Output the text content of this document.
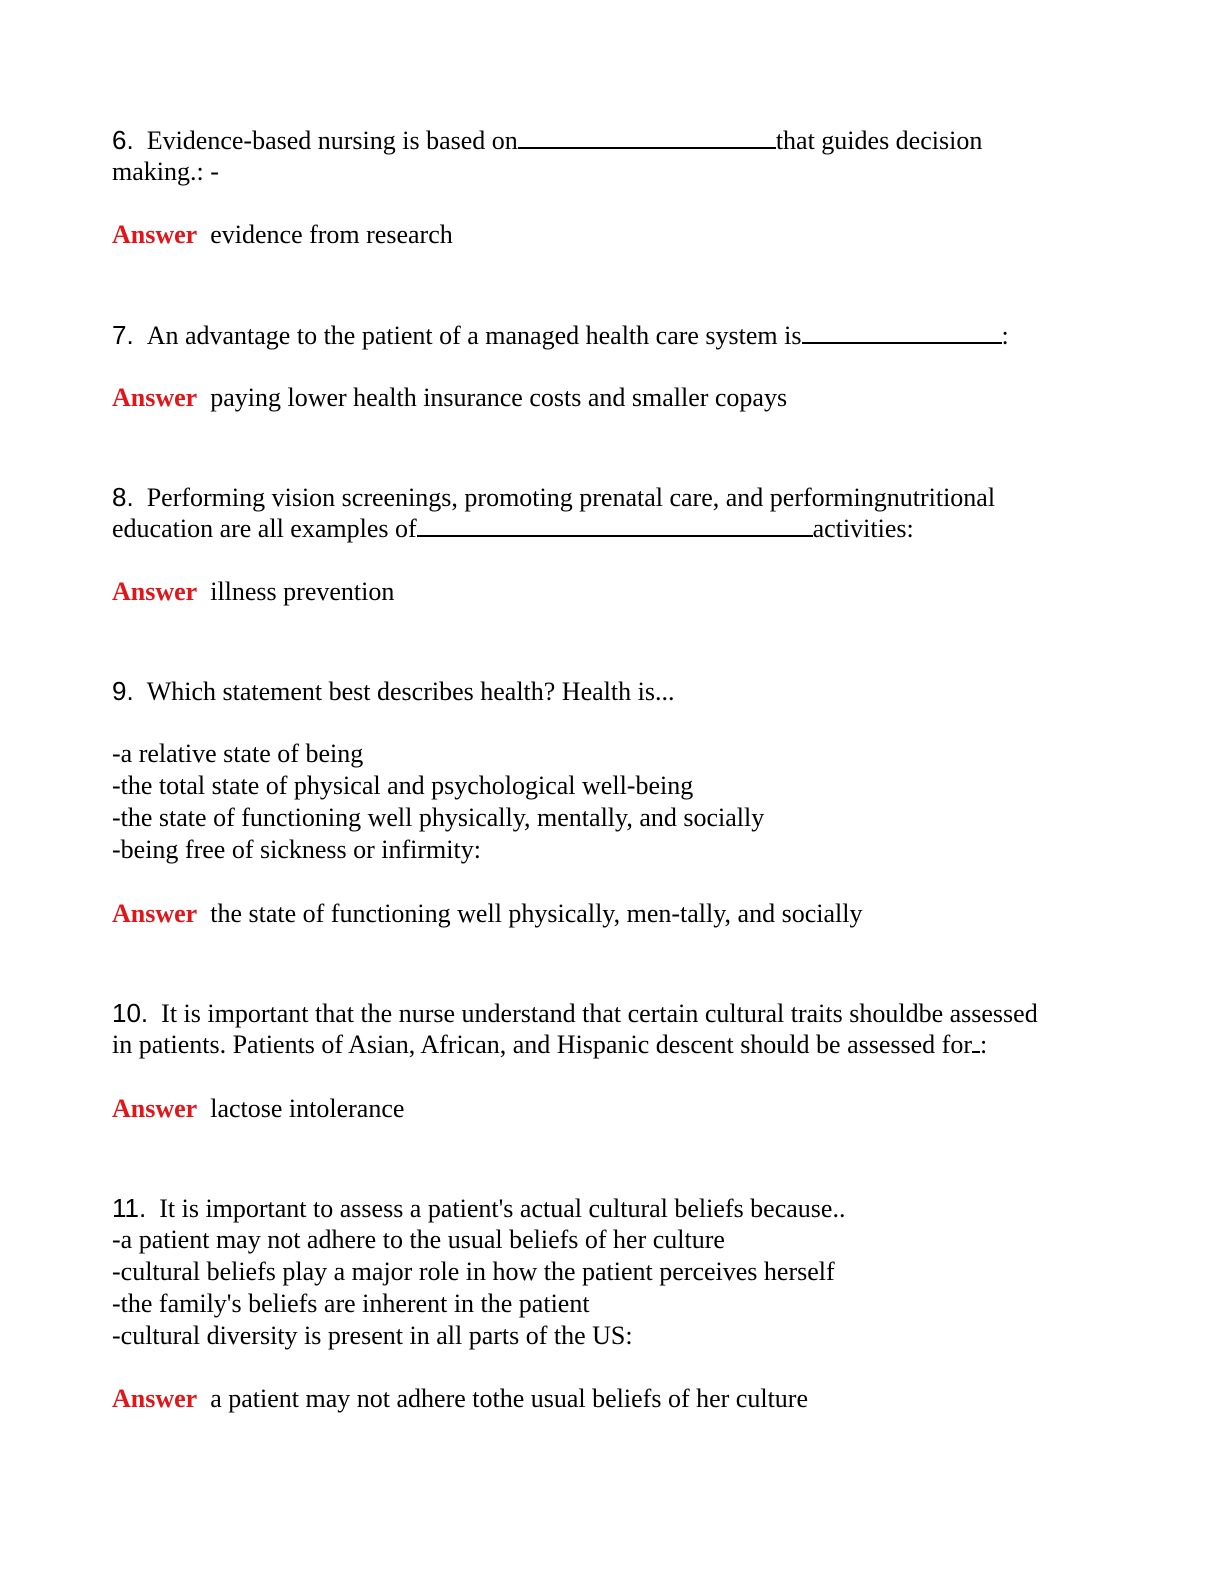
6. Evidence-based nursing is based on	that guides decision
making.: -
Answer evidence from research
7. An advantage to the patient of a managed health care system is	:
Answer paying lower health insurance costs and smaller copays
8. Performing vision screenings, promoting prenatal care, and performingnutritional
education are all examples of	activities:
Answer illness prevention
9. Which statement best describes health? Health is...
-a relative state of being
-the total state of physical and psychological well-being
-the state of functioning well physically, mentally, and socially
-being free of sickness or infirmity:
Answer the state of functioning well physically, men-tally, and socially
10. It is important that the nurse understand that certain cultural traits shouldbe assessed
in patients. Patients of Asian, African, and Hispanic descent should be assessed for :
Answer lactose intolerance
11. It is important to assess a patient's actual cultural beliefs because..
-a patient may not adhere to the usual beliefs of her culture
-cultural beliefs play a major role in how the patient perceives herself
-the family's beliefs are inherent in the patient
-cultural diversity is present in all parts of the US:
Answer a patient may not adhere tothe usual beliefs of her culture
